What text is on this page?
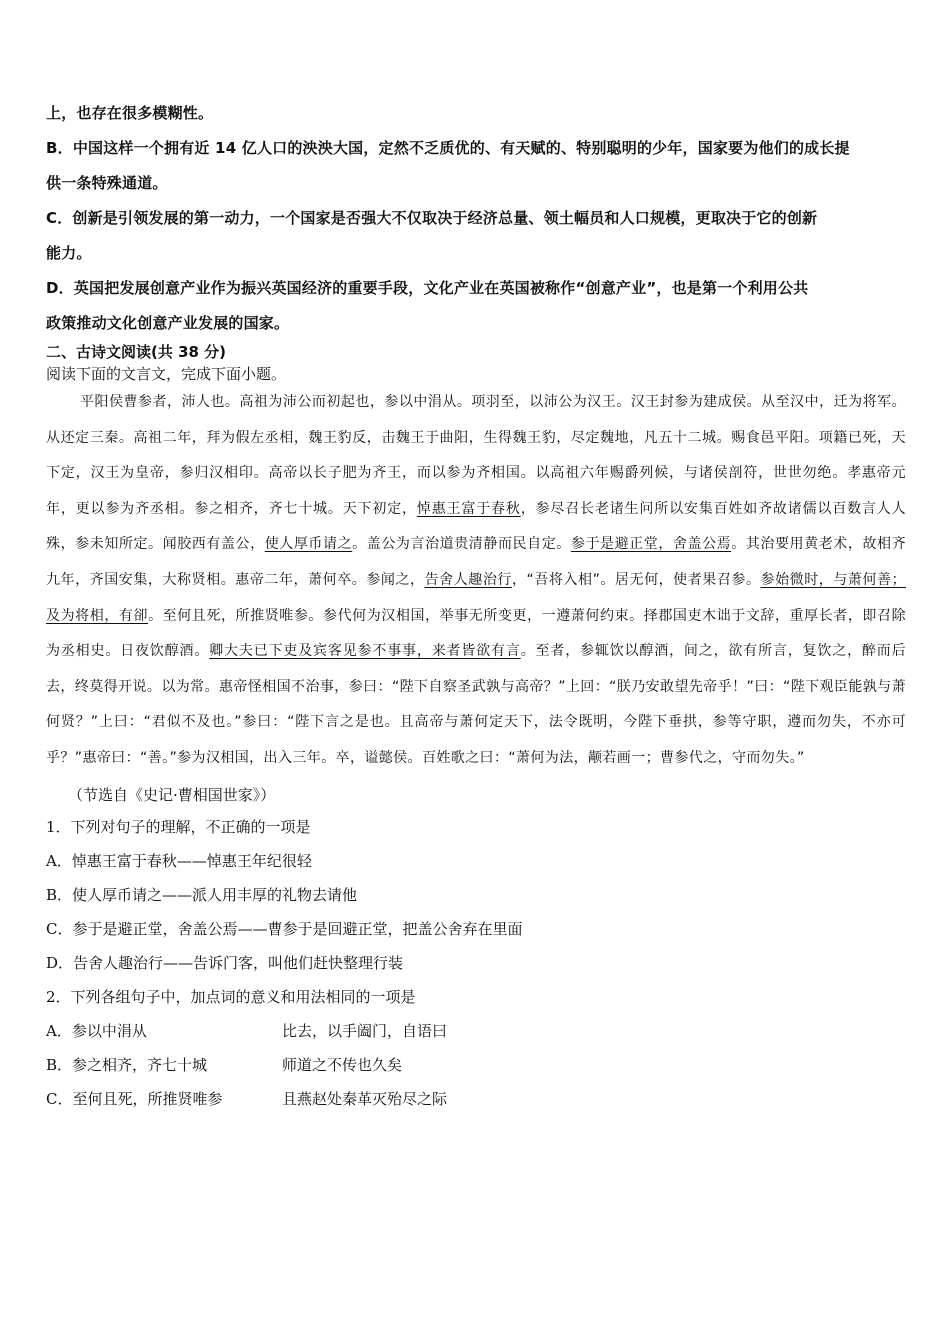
上，也存在很多模糊性。

B．中国这样一个拥有近 14 亿人口的泱泱大国，定然不乏质优的、有天赋的、特别聪明的少年，国家要为他们的成长提

供一条特殊通道。

C．创新是引领发展的第一动力，一个国家是否强大不仅取决于经济总量、领土幅员和人口规模，更取决于它的创新

能力。

D．英国把发展创意产业作为振兴英国经济的重要手段，文化产业在英国被称作“创意产业”，也是第一个利用公共

政策推动文化创意产业发展的国家。

二、古诗文阅读(共 38 分)
阅读下面的文言文，完成下面小题。

平阳侯曹参者，沛人也。高祖为沛公而初起也，参以中涓从。项羽至，以沛公为汉王。汉王封参为建成侯。从至汉中，迁为将军。从还定三秦。高祖二年，拜为假左丞相，魏王豹反，击魏王于曲阳，生得魏王豹，尽定魏地，凡五十二城。赐食邑平阳。项籍已死，天下定，汉王为皇帝，参归汉相印。高帝以长子肥为齐王，而以参为齐相国。以高祖六年赐爵列候，与诸侯剖符，世世勿绝。孝惠帝元年，更以参为齐丞相。参之相齐，齐七十城。天下初定，悼惠王富于春秋，参尽召长老诸生问所以安集百姓如齐故诸儒以百数言人人殊，参未知所定。闻胶西有盖公，使人厚币请之。盖公为言治道贵清静而民自定。参于是避正堂，舍盖公焉。其治要用黄老术，故相齐九年，齐国安集，大称贤相。惠帝二年，萧何卒。参闻之，告舍人趣治行，“吾将入相”。居无何，使者果召参。参始微时，与萧何善；及为将相，有卻。至何且死，所推贤唯参。参代何为汉相国，举事无所变更，一遵萧何约束。择郡国吏木诎于文辞，重厚长者，即召除为丞相史。日夜饮醇酒。卿大夫已下吏及宾客见参不事事，来者皆欲有言。至者，参辄饮以醇酒，间之，欲有所言，复饮之，醉而后去，终莫得开说。以为常。惠帝怪相国不治事，参曰：“陛下自察圣武孰与高帝？”上回：“朕乃安敢望先帝乎！”曰：“陛下观臣能孰与萧何贤？”上曰：“君似不及也。”参曰：“陛下言之是也。且高帝与萧何定天下，法令既明，今陛下垂拱，参等守职，遵而勿失，不亦可乎？”惠帝曰：“善。”参为汉相国，出入三年。卒，谥懿侯。百姓歌之曰：“萧何为法，颟若画一；曹参代之，守而勿失。”

（节选自《史记·曹相国世家》）

1．下列对句子的理解，不正确的一项是

A．悼惠王富于春秋——悼惠王年纪很轻

B．使人厚币请之——派人用丰厚的礼物去请他

C．参于是避正堂，舍盖公焉——曹参于是回避正堂，把盖公舍弃在里面

D．告舍人趣治行——告诉门客，叫他们赶快整理行装

2．下列各组句子中，加点词的意义和用法相同的一项是

A．参以中涓从	比去，以手阖门，自语曰
B．参之相齐，齐七十城	师道之不传也久矣
C．至何且死，所推贤唯参	且燕赵处秦革灭殆尽之际
